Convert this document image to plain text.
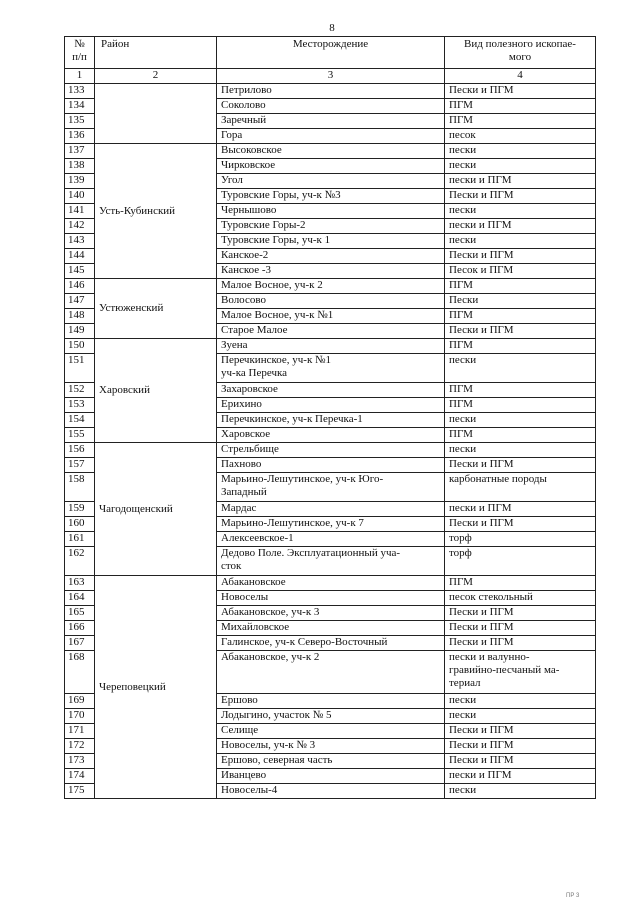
8
№
п/п	Район	Месторождение	Вид полезного ископае-
мого
1	2	3	4
133		Петрилово	Пески и ПГМ
134		Соколово	ПГМ
135		Заречный	ПГМ
136		Гора	песок
137	Усть-Кубинский	Высоковское	пески
138		Чирковское	пески
139		Угол	пески и ПГМ
140		Туровские Горы, уч-к №3	Пески и ПГМ
141		Чернышово	пески
142		Туровские Горы-2	пески и ПГМ
143		Туровские Горы, уч-к 1	пески
144		Канское-2	Пески и ПГМ
145		Канское -3	Песок и ПГМ
146	Устюженский	Малое Восное, уч-к 2	ПГМ
147		Волосово	Пески
148		Малое Восное, уч-к №1	ПГМ
149		Старое Малое	Пески и ПГМ
150	Харовский	Зуена	ПГМ
151		Перечкинское, уч-к №1
уч-ка Перечка	пески
152		Захаровское	ПГМ
153		Ерихино	ПГМ
154		Перечкинское, уч-к Перечка-1	пески
155		Харовское	ПГМ
156	Чагодощенский	Стрельбище	пески
157		Пахново	Пески и ПГМ
158		Марьино-Лешутинское, уч-к Юго-
Западный	карбонатные породы
159		Мардас	пески и ПГМ
160		Марьино-Лешутинское, уч-к 7	Пески и ПГМ
161		Алексеевское-1	торф
162		Дедово Поле. Эксплуатационный уча-
сток	торф
163	Череповецкий	Абакановское	ПГМ
164		Новоселы	песок стекольный
165		Абакановское, уч-к 3	Пески и ПГМ
166		Михайловское	Пески и ПГМ
167		Галинское, уч-к Северо-Восточный	Пески и ПГМ
168		Абакановское, уч-к 2	пески и валунно-
гравийно-песчаный ма-
териал
169		Ершово	пески
170		Лодыгино, участок № 5	пески
171		Селище	Пески и ПГМ
172		Новоселы, уч-к № 3	Пески и ПГМ
173		Ершово, северная часть	Пески и ПГМ
174		Иванцево	пески и ПГМ
175		Новоселы-4	пески
ПР 3
